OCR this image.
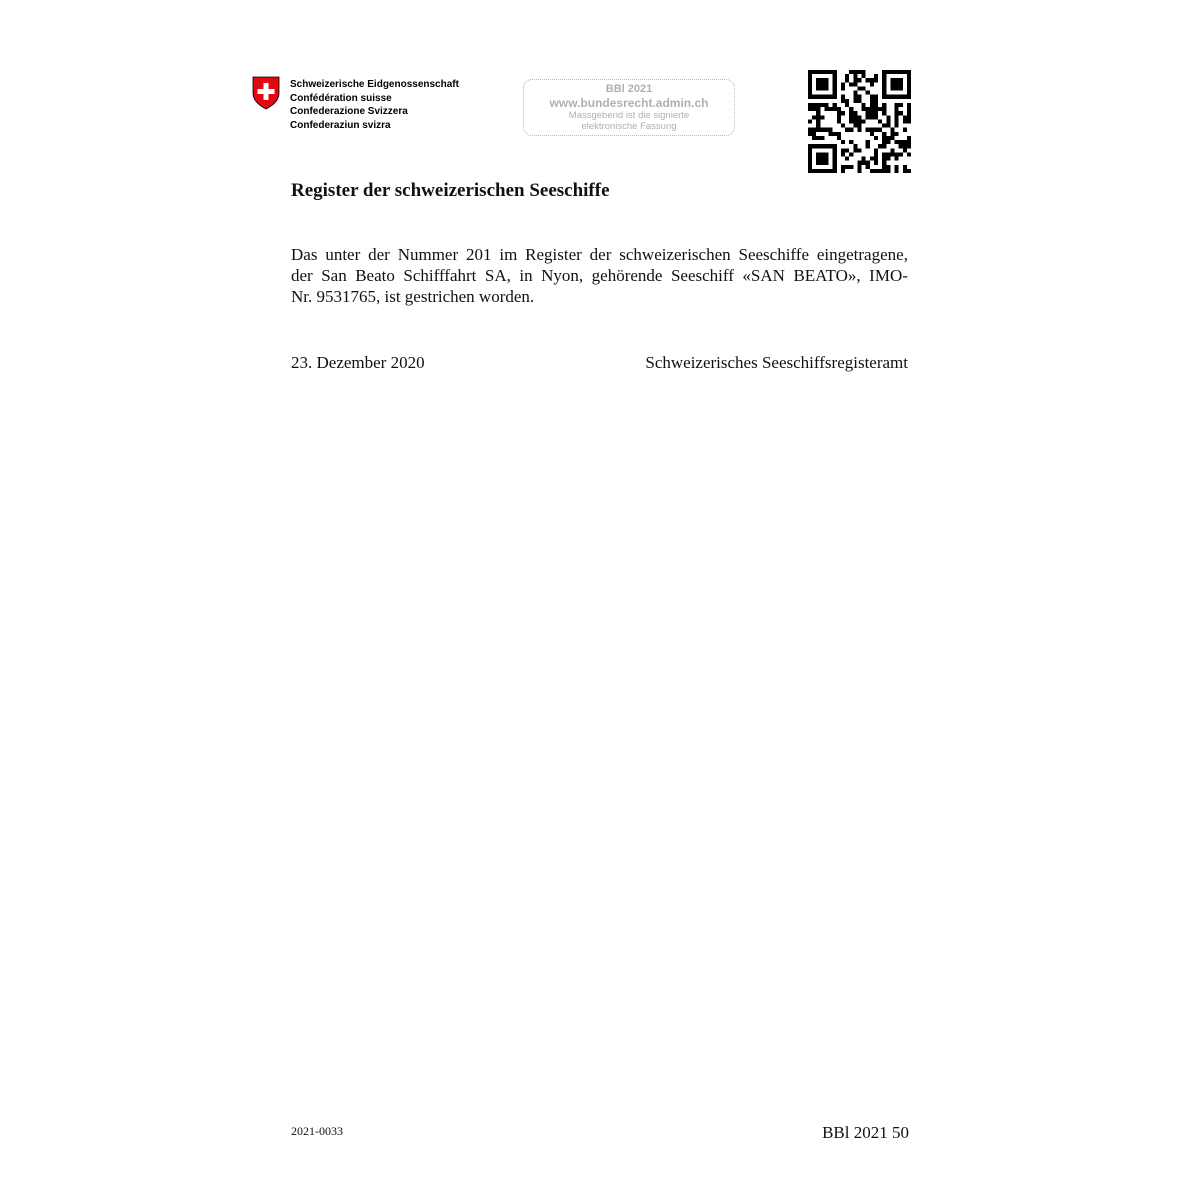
Schweizerische Eidgenossenschaft
Confédération suisse
Confederazione Svizzera
Confederaziun svizra
BBl 2021
www.bundesrecht.admin.ch
Massgebend ist die signierte
elektronische Fassung
Register der schweizerischen Seeschiffe
Das unter der Nummer 201 im Register der schweizerischen Seeschiffe eingetragene,
der San Beato Schifffahrt SA, in Nyon, gehörende Seeschiff «SAN BEATO», IMO-
Nr. 9531765, ist gestrichen worden.
23. Dezember 2020	Schweizerisches Seeschiffsregisteramt
2021-0033	BBl 2021 50
